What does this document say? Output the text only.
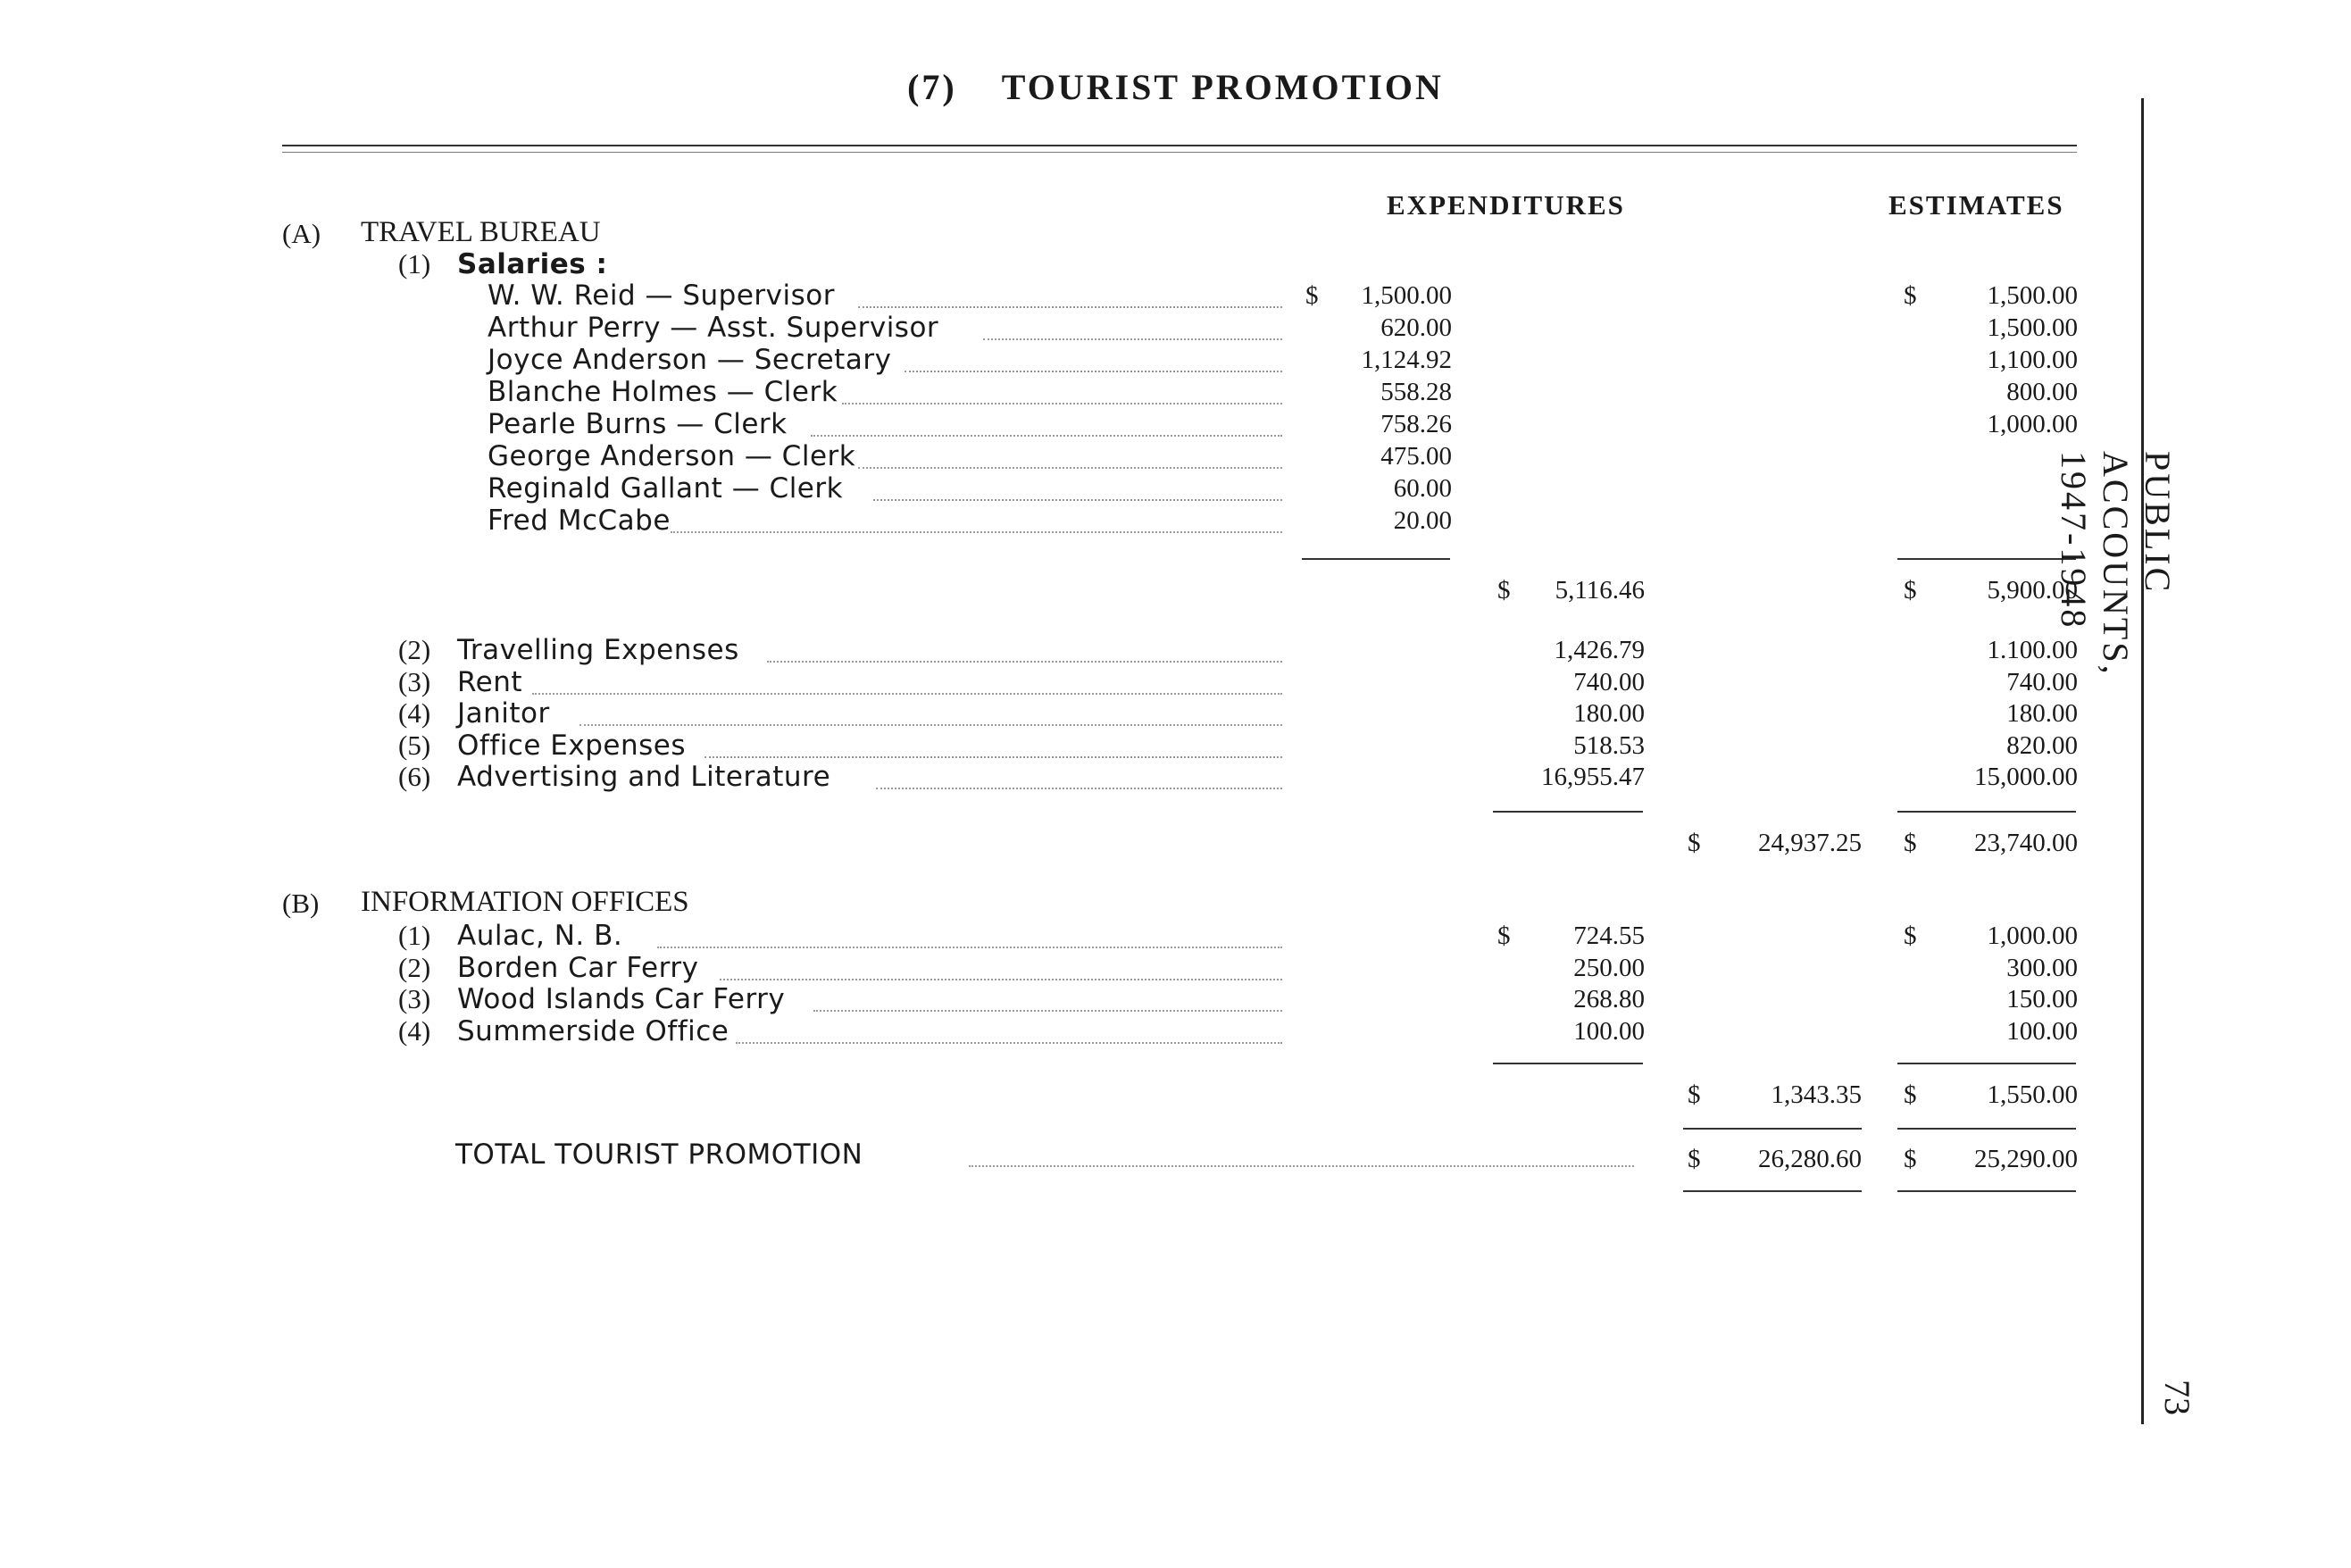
(7) TOURIST PROMOTION
EXPENDITURES	ESTIMATES
(A) TRAVEL BUREAU
(1) Salaries :
W. W. Reid — Supervisor	$	1,500.00	$	1,500.00
Arthur Perry — Asst. Supervisor	620.00	1,500.00
Joyce Anderson — Secretary	1,124.92	1,100.00
Blanche Holmes — Clerk	558.28	800.00
Pearle Burns — Clerk	758.26	1,000.00
George Anderson — Clerk	475.00
Reginald Gallant — Clerk	60.00
Fred McCabe	20.00
$	5,116.46	$	5,900.00
(2) Travelling Expenses	1,426.79	1.100.00
(3) Rent	740.00	740.00
(4) Janitor	180.00	180.00
(5) Office Expenses	518.53	820.00
(6) Advertising and Literature	16,955.47	15,000.00
$	24,937.25 $	23,740.00
(B) INFORMATION OFFICES
(1) Aulac, N. B.	$	724.55	$	1,000.00
(2) Borden Car Ferry	250.00	300.00
(3) Wood Islands Car Ferry	268.80	150.00
(4) Summerside Office	100.00	100.00
$	1,343.35 $	1,550.00
TOTAL TOURIST PROMOTION	$	26,280.60 $	25,290.00
PUBLIC ACCOUNTS, 1947-1948
73
